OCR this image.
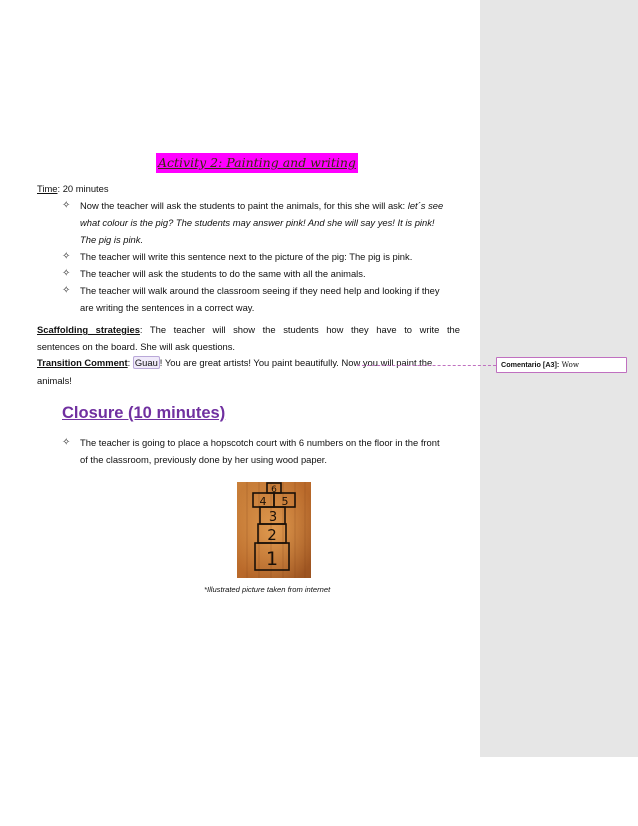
Activity 2: Painting and writing
Time: 20 minutes
✧ Now the teacher will ask the students to paint the animals, for this she will ask: let´s see
what colour is the pig? The students may answer pink! And she will say yes! It is pink!
The pig is pink.
✧ The teacher will write this sentence next to the picture of the pig: The pig is pink.
✧ The teacher will ask the students to do the same with all the animals.
✧ The teacher will walk around the classroom seeing if they need help and looking if they
are writing the sentences in a correct way.
Scaffolding strategies: The teacher will show the students how they have to write the
sentences on the board. She will ask questions.
Transition Comment: Guau ! You are great artists! You paint beautifully. Now you will paint the
animals!
Comentario [A3]: Wow
Closure (10 minutes)
✧ The teacher is going to place a hopscotch court with 6 numbers on the floor in the front
of the classroom, previously done by her using wood paper.
6
4 5
3
2
1
*Illustrated picture taken from internet
